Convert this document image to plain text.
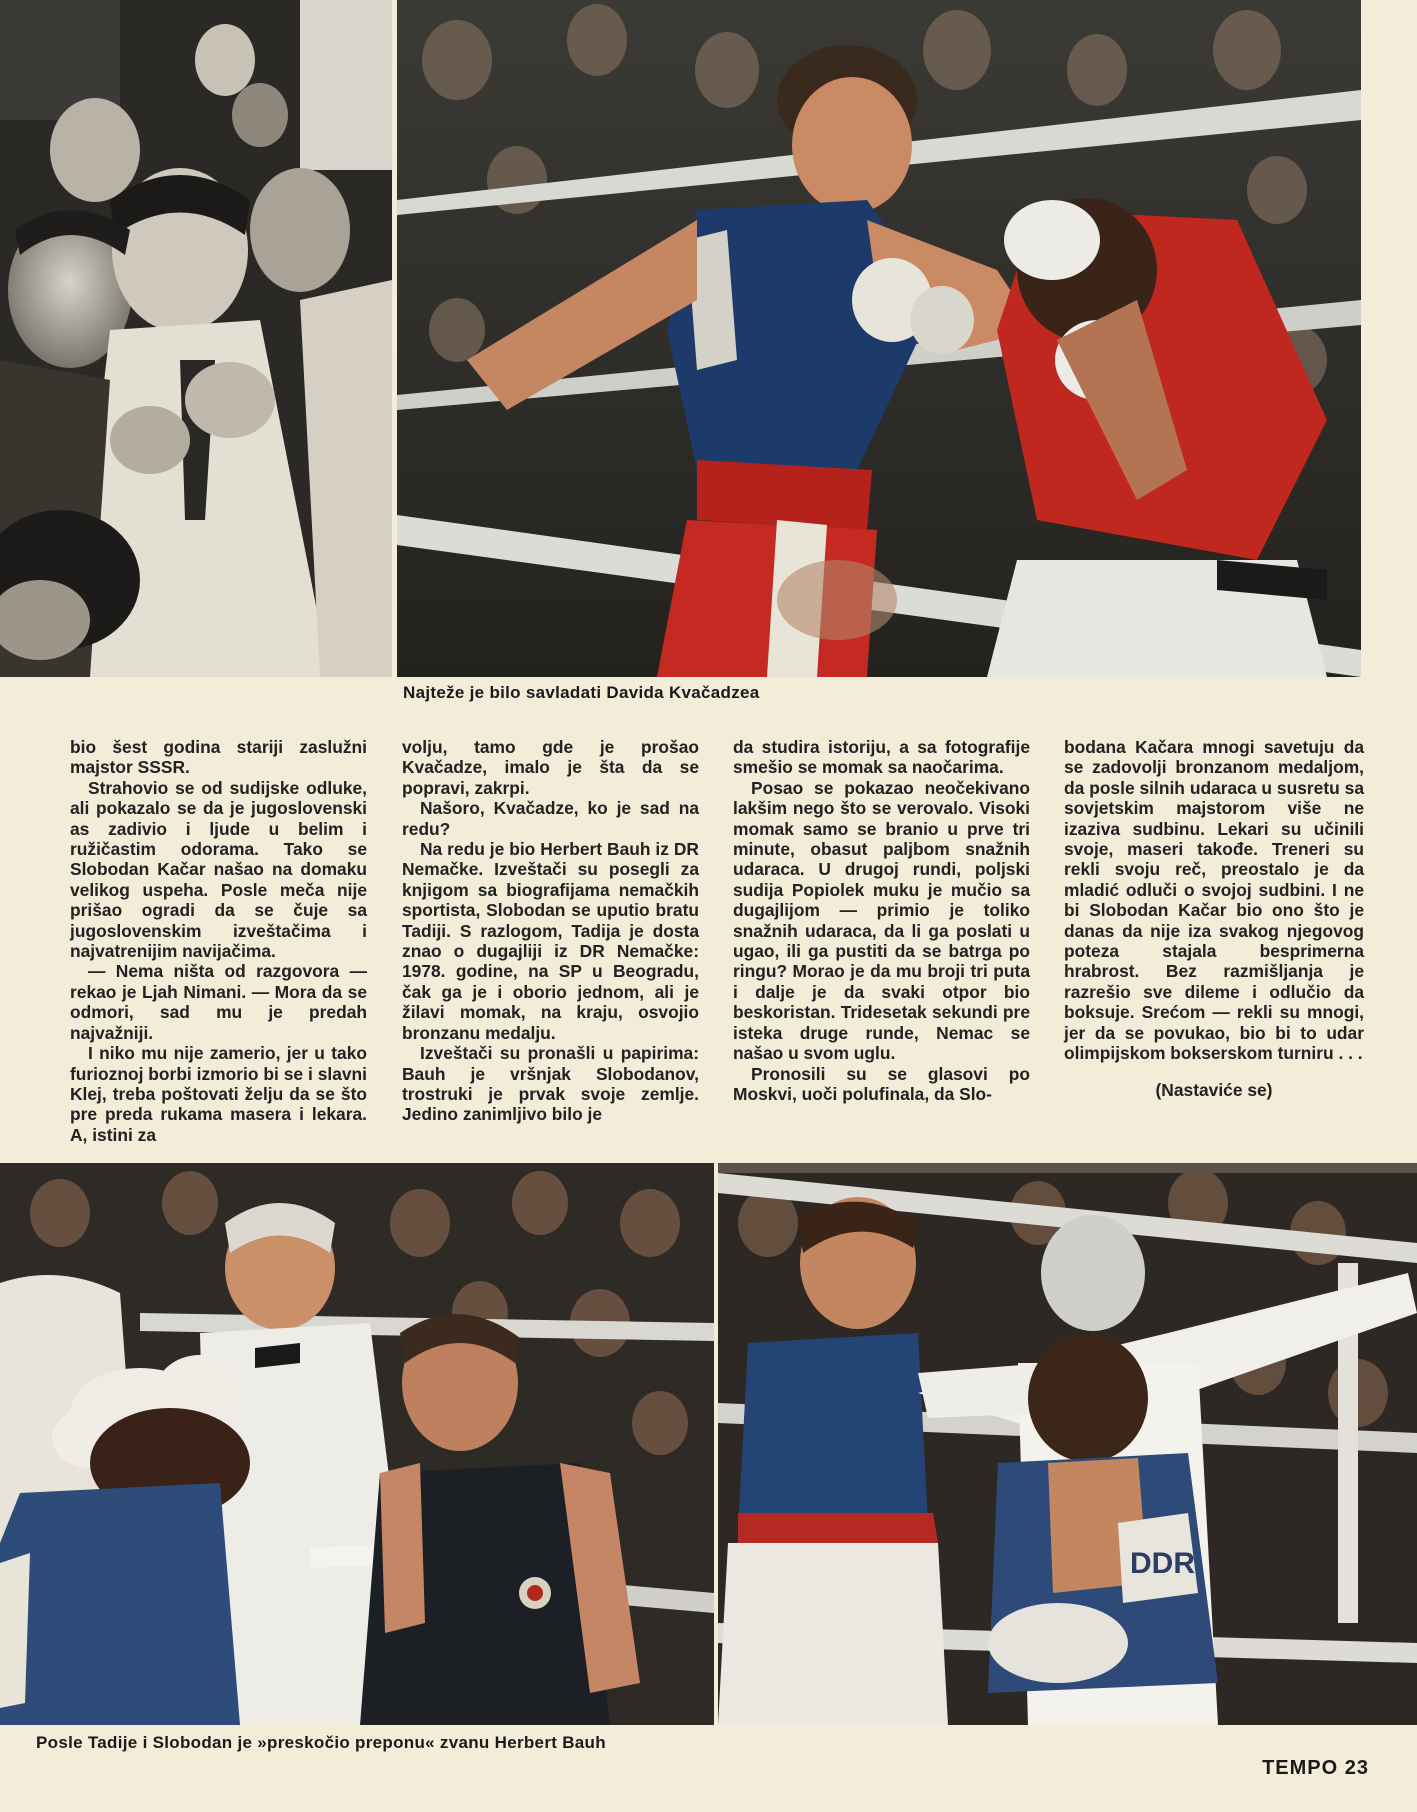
Najteže je bilo savladati Davida Kvačadzea

bio šest godina stariji zaslužni majstor SSSR.

Strahovio se od sudijske odluke, ali pokazalo se da je jugoslovenski as zadivio i ljude u belim i ružičastim odorama. Tako se Slobodan Kačar našao na domaku velikog uspeha. Posle meča nije prišao ogradi da se čuje sa jugoslovenskim izveštačima i najvatrenijim navijačima.

— Nema ništa od razgovora — rekao je Ljah Nimani. — Mora da se odmori, sad mu je predah najvažniji.

I niko mu nije zamerio, jer u tako furioznoj borbi izmorio bi se i slavni Klej, treba poštovati želju da se što pre preda rukama masera i lekara. A, istini za

volju, tamo gde je prošao Kvačadze, imalo je šta da se popravi, zakrpi.

Našoro, Kvačadze, ko je sad na redu?

Na redu je bio Herbert Bauh iz DR Nemačke. Izveštači su posegli za knjigom sa biografijama nemačkih sportista, Slobodan se uputio bratu Tadiji. S razlogom, Tadija je dosta znao o dugajliji iz DR Nemačke: 1978. godine, na SP u Beogradu, čak ga je i oborio jednom, ali je žilavi momak, na kraju, osvojio bronzanu medalju.

Izveštači su pronašli u papirima: Bauh je vršnjak Slobodanov, trostruki je prvak svoje zemlje. Jedino zanimljivo bilo je

da studira istoriju, a sa fotografije smešio se momak sa naočarima.

Posao se pokazao neočekivano lakšim nego što se verovalo. Visoki momak samo se branio u prve tri minute, obasut paljbom snažnih udaraca. U drugoj rundi, poljski sudija Popiolek muku je mučio sa dugajlijom — primio je toliko snažnih udaraca, da li ga poslati u ugao, ili ga pustiti da se batrga po ringu? Morao je da mu broji tri puta i dalje je da svaki otpor bio beskoristan. Tridesetak sekundi pre isteka druge runde, Nemac se našao u svom uglu.

Pronosili su se glasovi po Moskvi, uoči polufinala, da Slo-

bodana Kačara mnogi savetuju da se zadovolji bronzanom medaljom, da posle silnih udaraca u susretu sa sovjetskim majstorom više ne izaziva sudbinu. Lekari su učinili svoje, maseri takođe. Treneri su rekli svoju reč, preostalo je da mladić odluči o svojoj sudbini. I ne bi Slobodan Kačar bio ono što je danas da nije iza svakog njegovog poteza stajala besprimerna hrabrost. Bez razmišljanja je razrešio sve dileme i odlučio da boksuje. Srećom — rekli su mnogi, jer da se povukao, bio bi to udar olimpijskom bokserskom turniru . . .

(Nastaviće se)
DDR
Posle Tadije i Slobodan je »preskočio preponu« zvanu Herbert Bauh
TEMPO 23
